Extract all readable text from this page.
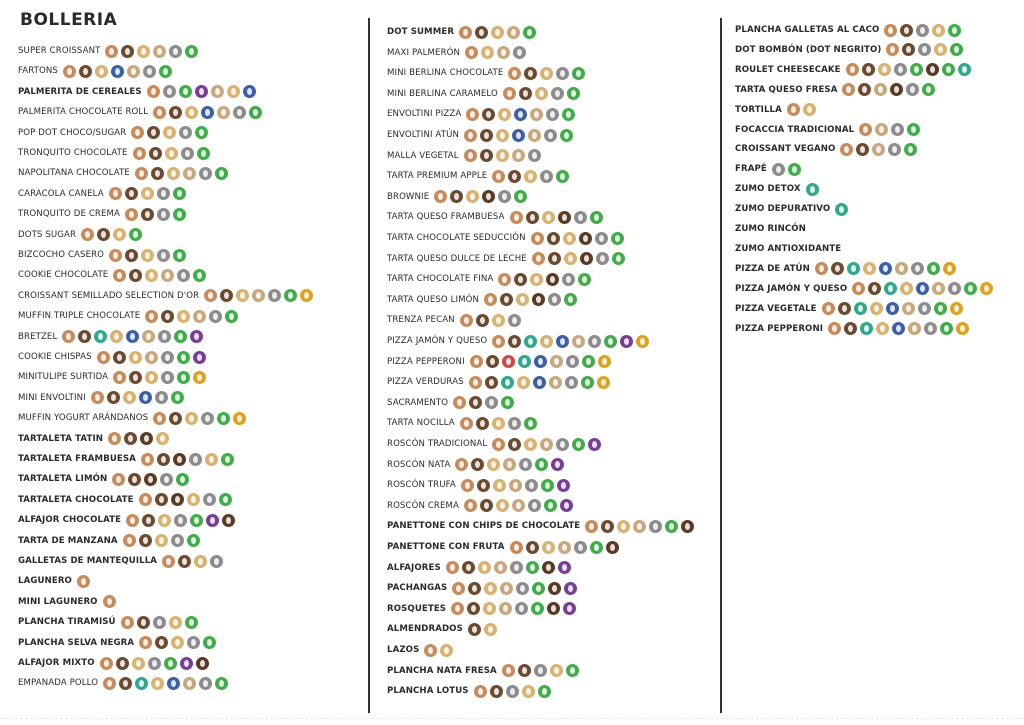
BOLLERIA
SUPER CROISSANT
FARTONS
PALMERITA DE CEREALES
PALMERITA CHOCOLATE ROLL
POP DOT CHOCO/SUGAR
TRONQUITO CHOCOLATE
NAPOLITANA CHOCOLATE
CARACOLA CANELA
TRONQUITO DE CREMA
DOTS SUGAR
BIZCOCHO CASERO
COOKIE CHOCOLATE
CROISSANT SEMILLADO SELECTION D'OR
MUFFIN TRIPLE CHOCOLATE
BRETZEL
COOKIE CHISPAS
MINITULIPE SURTIDA
MINI ENVOLTINI
MUFFIN YOGURT ARÁNDANOS
TARTALETA TATIN
TARTALETA FRAMBUESA
TARTALETA LIMÓN
TARTALETA CHOCOLATE
ALFAJOR CHOCOLATE
TARTA DE MANZANA
GALLETAS DE MANTEQUILLA
LAGUNERO
MINI LAGUNERO
PLANCHA TIRAMISÚ
PLANCHA SELVA NEGRA
ALFAJOR MIXTO
EMPANADA POLLO
DOT SUMMER
MAXI PALMERÓN
MINI BERLINA CHOCOLATE
MINI BERLINA CARAMELO
ENVOLTINI PIZZA
ENVOLTINI ATÚN
MALLA VEGETAL
TARTA PREMIUM APPLE
BROWNIE
TARTA QUESO FRAMBUESA
TARTA CHOCOLATE SEDUCCIÓN
TARTA QUESO DULCE DE LECHE
TARTA CHOCOLATE FINA
TARTA QUESO LIMÓN
TRENZA PECAN
PIZZA JAMÓN Y QUESO
PIZZA PEPPERONI
PIZZA VERDURAS
SACRAMENTO
TARTA NOCILLA
ROSCÓN TRADICIONAL
ROSCÓN NATA
ROSCÓN TRUFA
ROSCÓN CREMA
PANETTONE CON CHIPS DE CHOCOLATE
PANETTONE CON FRUTA
ALFAJORES
PACHANGAS
ROSQUETES
ALMENDRADOS
LAZOS
PLANCHA NATA FRESA
PLANCHA LOTUS
PLANCHA GALLETAS AL CACO
DOT BOMBÓN (DOT NEGRITO)
ROULET CHEESECAKE
TARTA QUESO FRESA
TORTILLA
FOCACCIA TRADICIONAL
CROISSANT VEGANO
FRAPÉ
ZUMO DETOX
ZUMO DEPURATIVO
ZUMO RINCÓN
ZUMO ANTIOXIDANTE
PIZZA DE ATÚN
PIZZA JAMÓN Y QUESO
PIZZA VEGETALE
PIZZA PEPPERONI
